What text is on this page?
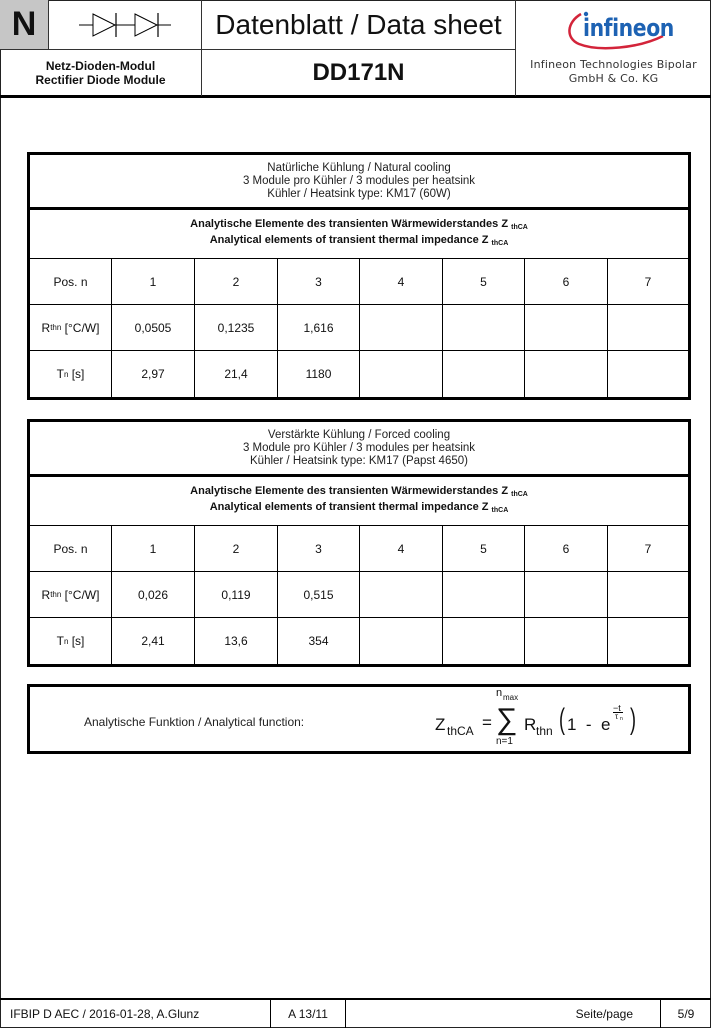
N	Datenblatt / Data sheet
Netz-Dioden-Modul
Rectifier Diode Module	DD171N
infineon
Infineon Technologies Bipolar
GmbH & Co. KG
Natürliche Kühlung / Natural cooling
3 Module pro Kühler / 3 modules per heatsink
Kühler / Heatsink type: KM17 (60W)
Analytische Elemente des transienten Wärmewiderstandes Z $_{thCA}$
Analytical elements of transient thermal impedance Z $_{thCA}$
Pos. n	1	2	3	4	5	6	7
R thn [°C/W]	0,0505	0,1235	1,616
T n [s]	2,97	21,4	1180
Verstärkte Kühlung / Forced cooling
3 Module pro Kühler / 3 modules per heatsink
Kühler / Heatsink type: KM17 (Papst 4650)
Analytische Elemente des transienten Wärmewiderstandes Z $_{thCA}$
Analytical elements of transient thermal impedance Z $_{thCA}$
Pos. n	1	2	3	4	5	6	7
R thn [°C/W]	0,026	0,119	0,515
T n [s]	2,41	13,6	354
Analytische Funktion / Analytical function:	Z thCA = ∑
n max
n=1
R thn ( 1  -  e
−t
τ n )
IFBIP D AEC / 2016-01-28, A.Glunz	A 13/11	Seite/page	5/9
